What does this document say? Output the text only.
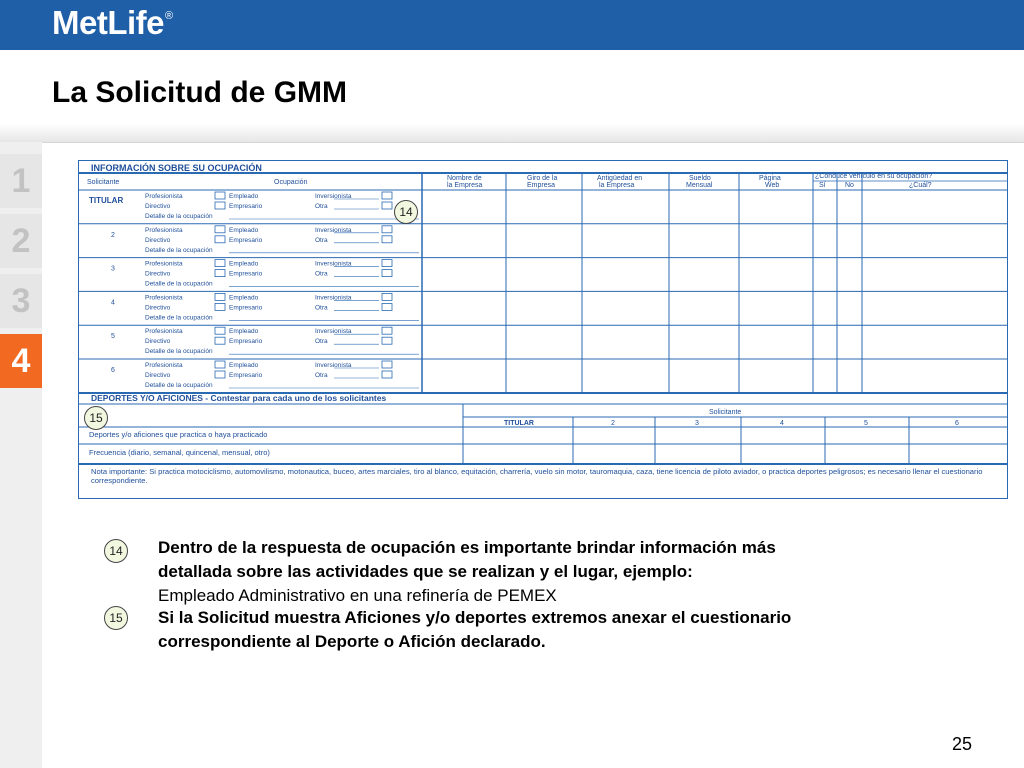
MetLife®
La Solicitud de GMM
1
2
3
4
INFORMACIÓN SOBRE SU OCUPACIÓN
Solicitante	Ocupación
Nombre de
la Empresa
Giro de la
Empresa
Antigüedad en
la Empresa
Sueldo
Mensual
Página
Web
¿Conduce vehículo en su ocupación?
Sí	No	¿Cuál?
TITULAR	Profesionista	Empleado	Inversionista
Directivo	Empresario	Otra
Detalle de la ocupación
2
Profesionista	Empleado	Inversionista
Directivo	Empresario	Otra
Detalle de la ocupación
3
Profesionista	Empleado	Inversionista
Directivo	Empresario	Otra
Detalle de la ocupación
4
Profesionista	Empleado	Inversionista
Directivo	Empresario	Otra
Detalle de la ocupación
5
Profesionista	Empleado	Inversionista
Directivo	Empresario	Otra
Detalle de la ocupación
6
Profesionista	Empleado	Inversionista
Directivo	Empresario	Otra
Detalle de la ocupación
DEPORTES Y/O AFICIONES - Contestar para cada uno de los solicitantes
Solicitante
TITULAR	2	3	4	5	6
Deportes y/o aficiones que practica o haya practicado
Frecuencia (diario, semanal, quincenal, mensual, otro)
Nota importante: Si practica motociclismo, automovilismo, motonautica, buceo, artes marciales, tiro al blanco, equitación, charrería, vuelo sin motor, tauromaquia, caza, tiene licencia de piloto aviador, o practica deportes peligrosos; es necesario llenar el cuestionario correspondiente.
14
15
14	Dentro de la respuesta de ocupación es importante brindar información más
detallada sobre las actividades que se realizan y el lugar, ejemplo:
Empleado Administrativo en una refinería de PEMEX
15	Si la Solicitud muestra Aficiones y/o deportes extremos anexar el cuestionario
correspondiente al Deporte o Afición declarado.
25
